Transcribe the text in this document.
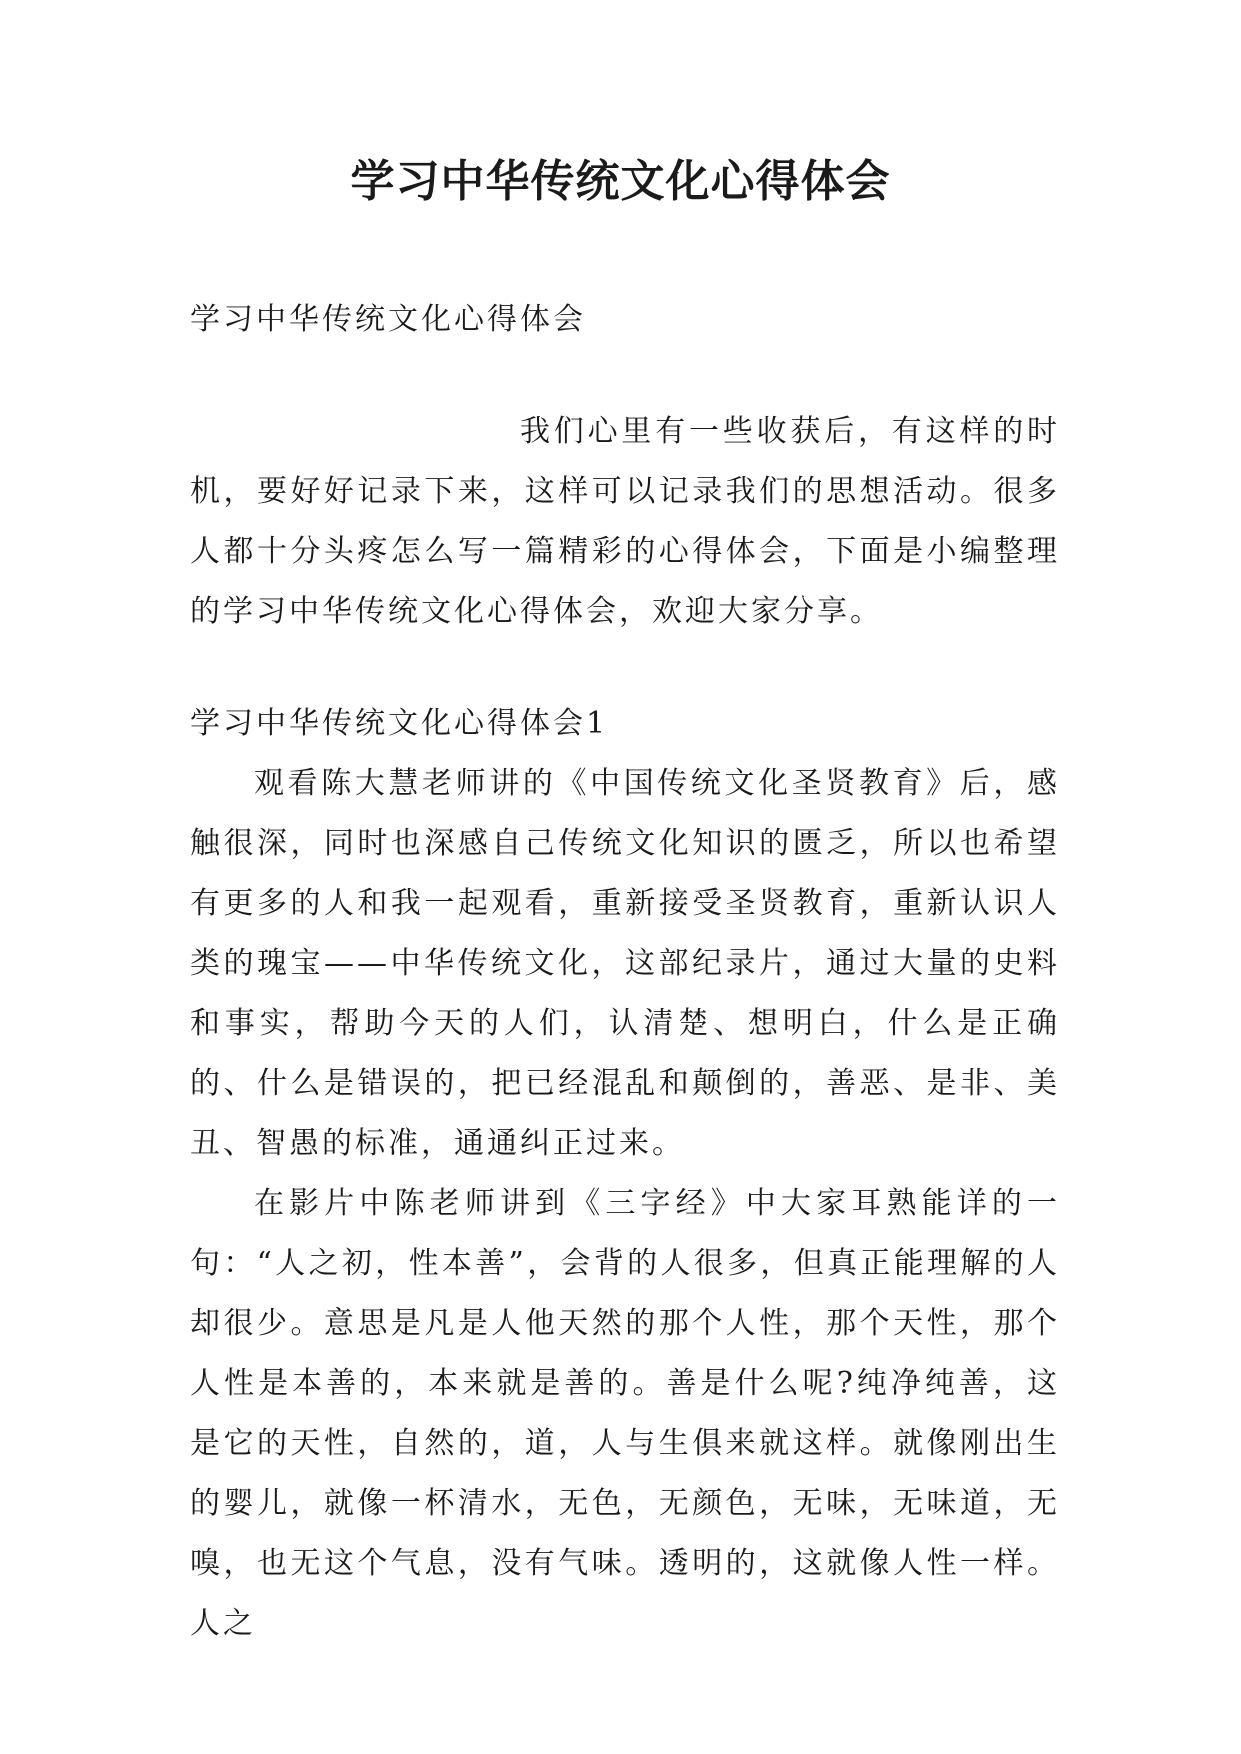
学习中华传统文化心得体会

学习中华传统文化心得体会

我们心里有一些收获后，有这样的时机，要好好记录下来，这样可以记录我们的思想活动。很多人都十分头疼怎么写一篇精彩的心得体会，下面是小编整理的学习中华传统文化心得体会，欢迎大家分享。

学习中华传统文化心得体会1

观看陈大慧老师讲的《中国传统文化圣贤教育》后，感触很深，同时也深感自己传统文化知识的匮乏，所以也希望有更多的人和我一起观看，重新接受圣贤教育，重新认识人类的瑰宝——中华传统文化，这部纪录片，通过大量的史料和事实，帮助今天的人们，认清楚、想明白，什么是正确的、什么是错误的，把已经混乱和颠倒的，善恶、是非、美丑、智愚的标准，通通纠正过来。

在影片中陈老师讲到《三字经》中大家耳熟能详的一句：“人之初，性本善”，会背的人很多，但真正能理解的人却很少。意思是凡是人他天然的那个人性，那个天性，那个人性是本善的，本来就是善的。善是什么呢?纯净纯善，这是它的天性，自然的，道，人与生俱来就这样。就像刚出生的婴儿，就像一杯清水，无色，无颜色，无味，无味道，无嗅，也无这个气息，没有气味。透明的，这就像人性一样。人之
